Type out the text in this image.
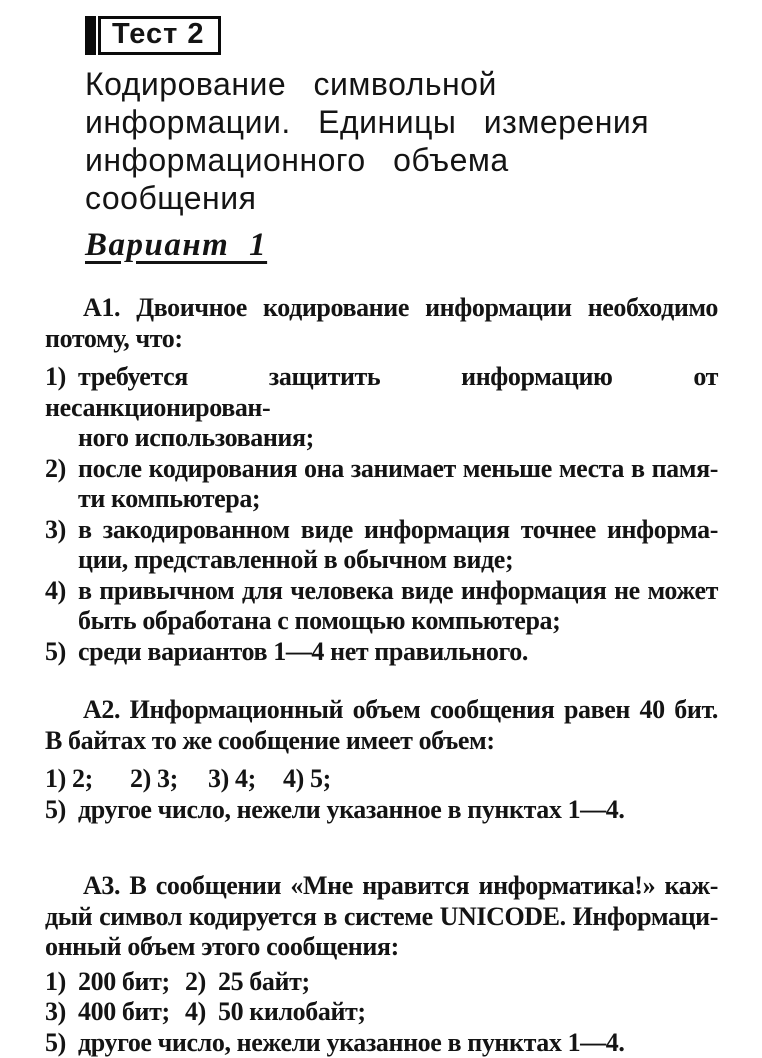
Тест 2
Кодирование символьной
информации. Единицы измерения
информационного объема
сообщения
Вариант 1
А1. Двоичное кодирование информации необходимо
потому, что:
1) требуется защитить информацию от несанкционирован-
ного использования;
2) после кодирования она занимает меньше места в памя-
ти компьютера;
3) в закодированном виде информация точнее информа-
ции, представленной в обычном виде;
4) в привычном для человека виде информация не может
быть обработана с помощью компьютера;
5) среди вариантов 1—4 нет правильного.
А2. Информационный объем сообщения равен 40 бит.
В байтах то же сообщение имеет объем:
1) 2; 2) 3; 3) 4; 4) 5;
5) другое число, нежели указанное в пунктах 1—4.
А3. В сообщении «Мне нравится информатика!» каж-
дый символ кодируется в системе UNICODE. Информаци-
онный объем этого сообщения:
1) 200 бит; 2) 25 байт;
3) 400 бит; 4) 50 килобайт;
5) другое число, нежели указанное в пунктах 1—4.
